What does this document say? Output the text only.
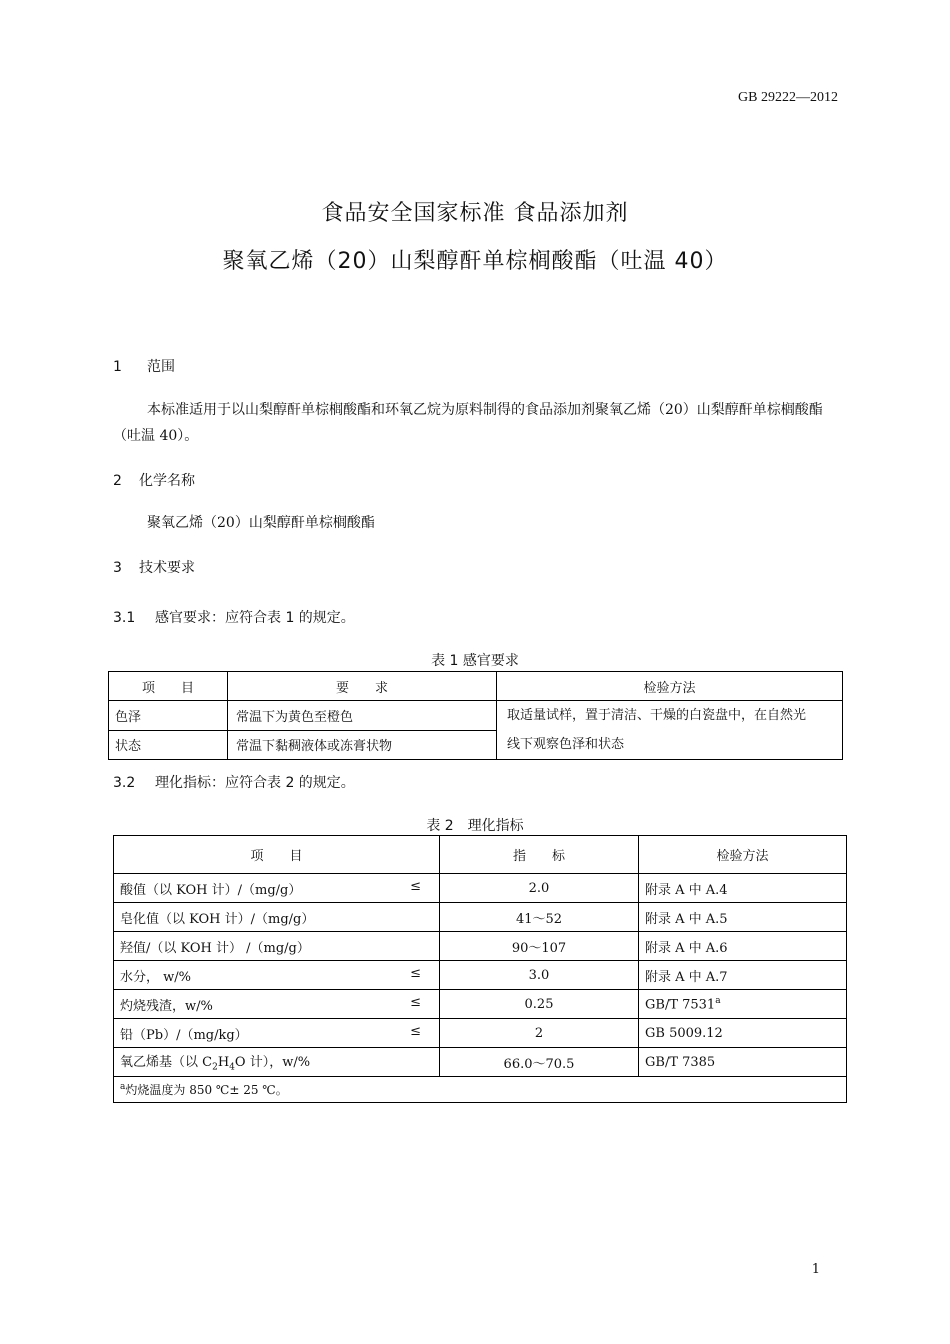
GB 29222—2012
食品安全国家标准 食品添加剂
聚氧乙烯（20）山梨醇酐单棕榈酸酯（吐温 40）
1 范围
本标准适用于以山梨醇酐单棕榈酸酯和环氧乙烷为原料制得的食品添加剂聚氧乙烯（20）山梨醇酐单棕榈酸酯（吐温 40）。
2 化学名称
聚氧乙烯（20）山梨醇酐单棕榈酸酯
3 技术要求
3.1 感官要求：应符合表 1 的规定。
表 1 感官要求
项　　目	要　　求	检验方法
色泽	常温下为黄色至橙色	取适量试样，置于清洁、干燥的白瓷盘中，在自然光
线下观察色泽和状态
状态	常温下黏稠液体或冻膏状物	
3.2 理化指标：应符合表 2 的规定。
表 2　理化指标
项　　目	指　　标	检验方法
酸值（以 KOH 计）/（mg/g） ≤	2.0	附录 A 中 A.4
皂化值（以 KOH 计）/（mg/g）	41～52	附录 A 中 A.5
羟值/（以 KOH 计） /（mg/g）	90～107	附录 A 中 A.6
水分， w/% ≤	3.0	附录 A 中 A.7
灼烧残渣，w/% ≤	0.25	GB/T 7531$^a$
铅（Pb）/（mg/kg） ≤	2	GB 5009.12
氧乙烯基（以 $C_2H_4O$ 计），w/%	66.0～70.5	GB/T 7385
$^a$灼烧温度为 850 ℃± 25 ℃。		
1
